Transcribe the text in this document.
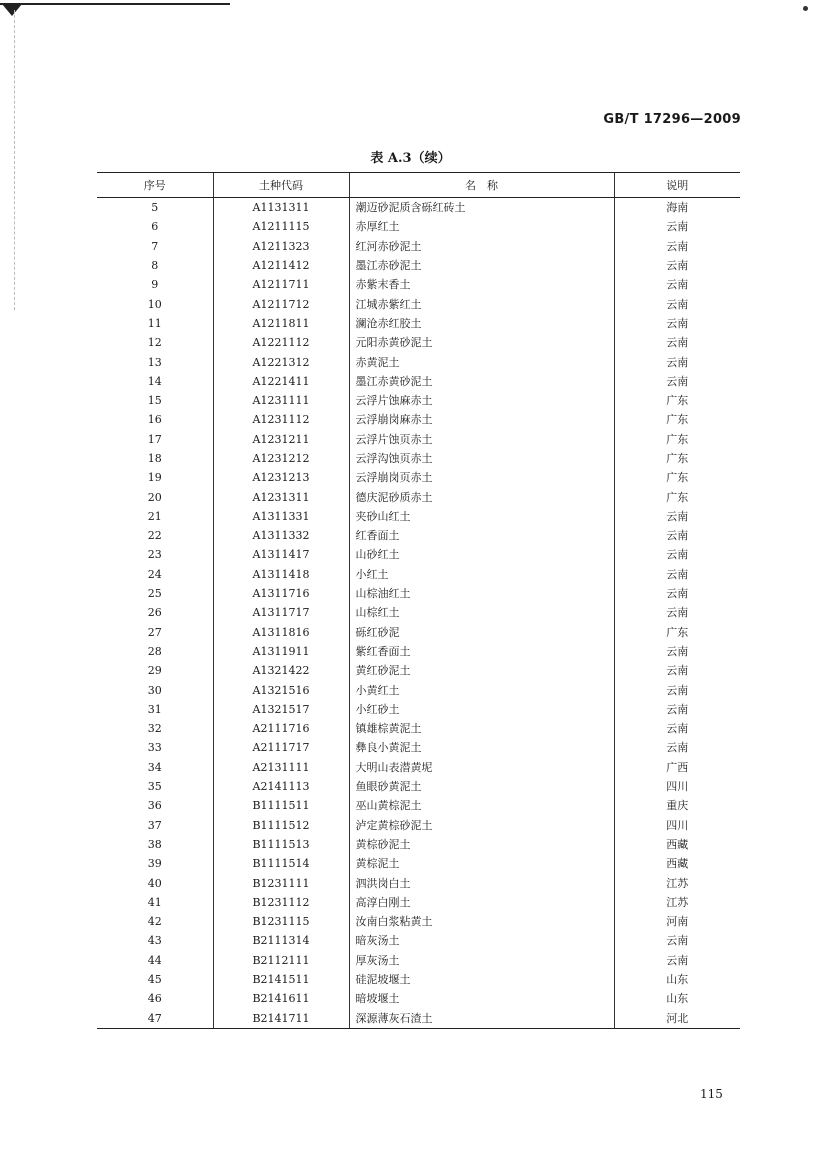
GB/T 17296—2009
表 A.3（续）
序号	土种代码	名　称	说明
5	A1131311	潮迈砂泥质含砾红砖土	海南
6	A1211115	赤厚红土	云南
7	A1211323	红河赤砂泥土	云南
8	A1211412	墨江赤砂泥土	云南
9	A1211711	赤紫末香土	云南
10	A1211712	江城赤紫红土	云南
11	A1211811	澜沧赤红胶土	云南
12	A1221112	元阳赤黄砂泥土	云南
13	A1221312	赤黄泥土	云南
14	A1221411	墨江赤黄砂泥土	云南
15	A1231111	云浮片蚀麻赤土	广东
16	A1231112	云浮崩岗麻赤土	广东
17	A1231211	云浮片蚀页赤土	广东
18	A1231212	云浮沟蚀页赤土	广东
19	A1231213	云浮崩岗页赤土	广东
20	A1231311	德庆泥砂质赤土	广东
21	A1311331	夹砂山红土	云南
22	A1311332	红香面土	云南
23	A1311417	山砂红土	云南
24	A1311418	小红土	云南
25	A1311716	山棕油红土	云南
26	A1311717	山棕红土	云南
27	A1311816	砾红砂泥	广东
28	A1311911	紫红香面土	云南
29	A1321422	黄红砂泥土	云南
30	A1321516	小黄红土	云南
31	A1321517	小红砂土	云南
32	A2111716	镇雄棕黄泥土	云南
33	A2111717	彝良小黄泥土	云南
34	A2131111	大明山表潜黄坭	广西
35	A2141113	鱼眼砂黄泥土	四川
36	B1111511	巫山黄棕泥土	重庆
37	B1111512	泸定黄棕砂泥土	四川
38	B1111513	黄棕砂泥土	西藏
39	B1111514	黄棕泥土	西藏
40	B1231111	泗洪岗白土	江苏
41	B1231112	高淳白刚土	江苏
42	B1231115	汝南白浆粘黄土	河南
43	B2111314	暗灰汤土	云南
44	B2112111	厚灰汤土	云南
45	B2141511	硅泥坡堰土	山东
46	B2141611	暗坡堰土	山东
47	B2141711	深源薄灰石渣土	河北
115
